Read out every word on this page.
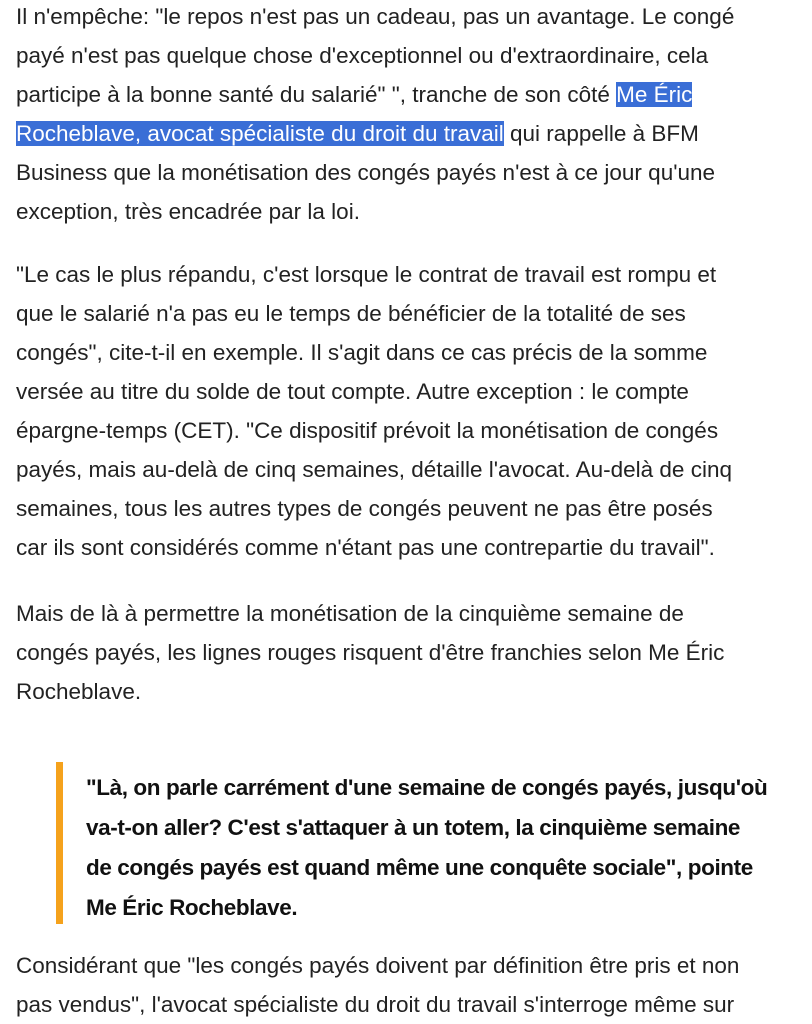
Il n'empêche: "le repos n'est pas un cadeau, pas un avantage. Le congé
payé n'est pas quelque chose d'exceptionnel ou d'extraordinaire, cela
participe à la bonne santé du salarié" ", tranche de son côté Me Éric
Rocheblave, avocat spécialiste du droit du travail qui rappelle à BFM
Business que la monétisation des congés payés n'est à ce jour qu'une
exception, très encadrée par la loi.

"Le cas le plus répandu, c'est lorsque le contrat de travail est rompu et
que le salarié n'a pas eu le temps de bénéficier de la totalité de ses
congés", cite-t-il en exemple. Il s'agit dans ce cas précis de la somme
versée au titre du solde de tout compte. Autre exception : le compte
épargne-temps (CET). "Ce dispositif prévoit la monétisation de congés
payés, mais au-delà de cinq semaines, détaille l'avocat. Au-delà de cinq
semaines, tous les autres types de congés peuvent ne pas être posés
car ils sont considérés comme n'étant pas une contrepartie du travail".

Mais de là à permettre la monétisation de la cinquième semaine de
congés payés, les lignes rouges risquent d'être franchies selon Me Éric
Rocheblave.

"Là, on parle carrément d'une semaine de congés payés, jusqu'où
va-t-on aller? C'est s'attaquer à un totem, la cinquième semaine
de congés payés est quand même une conquête sociale", pointe
Me Éric Rocheblave.

Considérant que "les congés payés doivent par définition être pris et non
pas vendus", l'avocat spécialiste du droit du travail s'interroge même sur
